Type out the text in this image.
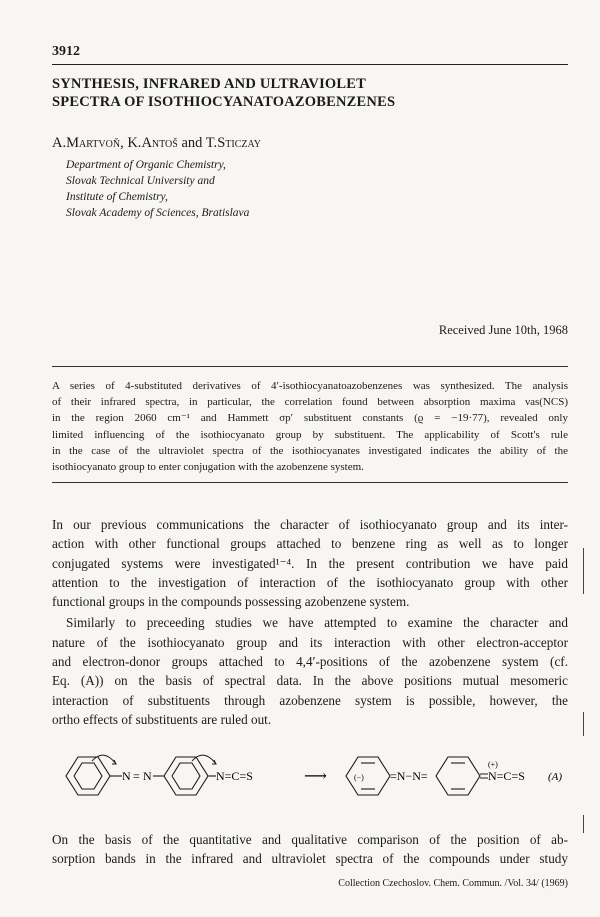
3912
SYNTHESIS, INFRARED AND ULTRAVIOLET
SPECTRA OF ISOTHIOCYANATOAZOBENZENES
A.Martvoň, K.Antoš and T.Sticzay
Department of Organic Chemistry,
Slovak Technical University and
Institute of Chemistry,
Slovak Academy of Sciences, Bratislava
Received June 10th, 1968
A series of 4-substituted derivatives of 4′-isothiocyanatoazobenzenes was synthesized. The analysis
of their infrared spectra, in particular, the correlation found between absorption maxima νas(NCS)
in the region 2060 cm⁻¹ and Hammett σp′ substituent constants (ϱ = −19·77), revealed only
limited influencing of the isothiocyanato group by substituent. The applicability of Scott's rule
in the case of the ultraviolet spectra of the isothiocyanates investigated indicates the ability of the
isothiocyanato group to enter conjugation with the azobenzene system.
In our previous communications the character of isothiocyanato group and its inter-
action with other functional groups attached to benzene ring as well as to longer
conjugated systems were investigated¹⁻⁴. In the present contribution we have paid
attention to the investigation of interaction of the isothiocyanato group with other
functional groups in the compounds possessing azobenzene system.
Similarly to preceeding studies we have attempted to examine the character and
nature of the isothiocyanato group and its interaction with other electron-acceptor
and electron-donor groups attached to 4,4′-positions of the azobenzene system (cf.
Eq. (A)) on the basis of spectral data. In the above positions mutual mesomeric
interaction of substituents through azobenzene system is possible, however, the
ortho effects of substituents are ruled out.
N = N	N=C=S	⟶	(−) =N−N=
(+)
N=C=S (A)
On the basis of the quantitative and qualitative comparison of the position of ab-
sorption bands in the infrared and ultraviolet spectra of the compounds under study
Collection Czechoslov. Chem. Commun. /Vol. 34/ (1969)
